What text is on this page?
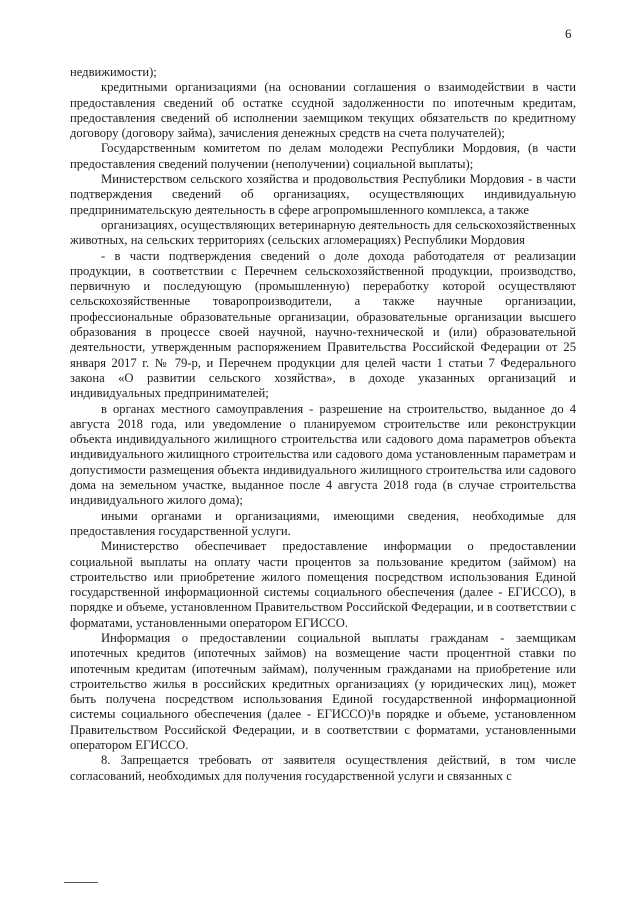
6

недвижимости);

кредитными организациями (на основании соглашения о взаимодействии в части предоставления сведений об остатке ссудной задолженности по ипотечным кредитам, предоставления сведений об исполнении заемщиком текущих обязательств по кредитному договору (договору займа), зачисления денежных средств на счета получателей);

Государственным комитетом по делам молодежи Республики Мордовия, (в части предоставления сведений получении (неполучении) социальной выплаты);

Министерством сельского хозяйства и продовольствия Республики Мордовия - в части подтверждения сведений об организациях, осуществляющих индивидуальную предпринимательскую деятельность в сфере агропромышленного комплекса, а также

организациях, осуществляющих ветеринарную деятельность для сельскохозяйственных животных, на сельских территориях (сельских агломерациях) Республики Мордовия

- в части подтверждения сведений о доле дохода работодателя от реализации продукции, в соответствии с Перечнем сельскохозяйственной продукции, производство, первичную и последующую (промышленную) переработку которой осуществляют сельскохозяйственные товаропроизводители, а также научные организации, профессиональные образовательные организации, образовательные организации высшего образования в процессе своей научной, научно-технической и (или) образовательной деятельности, утвержденным распоряжением Правительства Российской Федерации от 25 января 2017 г. № 79-р, и Перечнем продукции для целей части 1 статьи 7 Федерального закона «О развитии сельского хозяйства», в доходе указанных организаций и индивидуальных предпринимателей;

в органах местного самоуправления - разрешение на строительство, выданное до 4 августа 2018 года, или уведомление о планируемом строительстве или реконструкции объекта индивидуального жилищного строительства или садового дома параметров объекта индивидуального жилищного строительства или садового дома установленным параметрам и допустимости размещения объекта индивидуального жилищного строительства или садового дома на земельном участке, выданное после 4 августа 2018 года (в случае строительства индивидуального жилого дома);

иными органами и организациями, имеющими сведения, необходимые для предоставления государственной услуги.

Министерство обеспечивает предоставление информации о предоставлении социальной выплаты на оплату части процентов за пользование кредитом (займом) на строительство или приобретение жилого помещения посредством использования Единой государственной информационной системы социального обеспечения (далее - ЕГИССО), в порядке и объеме, установленном Правительством Российской Федерации, и в соответствии с форматами, установленными оператором ЕГИССО.

Информация о предоставлении социальной выплаты гражданам - заемщикам ипотечных кредитов (ипотечных займов) на возмещение части процентной ставки по ипотечным кредитам (ипотечным займам), полученным гражданами на приобретение или строительство жилья в российских кредитных организациях (у юридических лиц), может быть получена посредством использования Единой государственной информационной системы социального обеспечения (далее - ЕГИССО)¹в порядке и объеме, установленном Правительством Российской Федерации, и в соответствии с форматами, установленными оператором ЕГИССО.

8. Запрещается требовать от заявителя осуществления действий, в том числе согласований, необходимых для получения государственной услуги и связанных с
